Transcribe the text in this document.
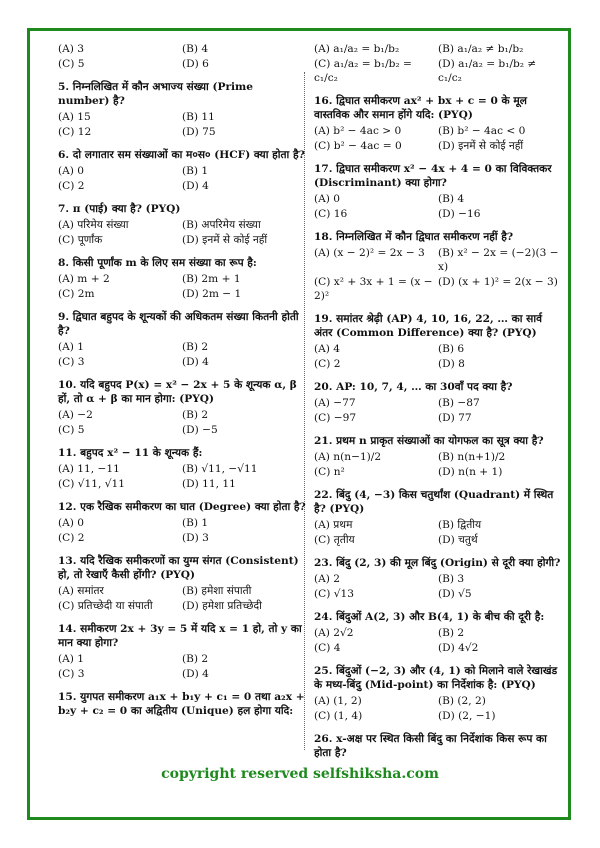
(A) 3	(B) 4
(C) 5	(D) 6
5. निम्नलिखित में कौन अभाज्य संख्या (Prime number) है?
(A) 15	(B) 11
(C) 12	(D) 75
6. दो लगातार सम संख्याओं का म०स० (HCF) क्या होता है?
(A) 0	(B) 1
(C) 2	(D) 4
7. π (पाई) क्या है? (PYQ)
(A) परिमेय संख्या	(B) अपरिमेय संख्या
(C) पूर्णांक	(D) इनमें से कोई नहीं
8. किसी पूर्णांक m के लिए सम संख्या का रूप है:
(A) m + 2	(B) 2m + 1
(C) 2m	(D) 2m − 1
9. द्विघात बहुपद के शून्यकों की अधिकतम संख्या कितनी होती है?
(A) 1	(B) 2
(C) 3	(D) 4
10. यदि बहुपद P(x) = x² − 2x + 5 के शून्यक α, β हों, तो α + β का मान होगा: (PYQ)
(A) −2	(B) 2
(C) 5	(D) −5
11. बहुपद x² − 11 के शून्यक हैं:
(A) 11, −11	(B) √11, −√11
(C) √11, √11	(D) 11, 11
12. एक रैखिक समीकरण का घात (Degree) क्या होता है?
(A) 0	(B) 1
(C) 2	(D) 3
13. यदि रैखिक समीकरणों का युग्म संगत (Consistent) हो, तो रेखाएँ कैसी होंगी? (PYQ)
(A) समांतर	(B) हमेशा संपाती
(C) प्रतिच्छेदी या संपाती	(D) हमेशा प्रतिच्छेदी
14. समीकरण 2x + 3y = 5 में यदि x = 1 हो, तो y का मान क्या होगा?
(A) 1	(B) 2
(C) 3	(D) 4
15. युगपत समीकरण a₁x + b₁y + c₁ = 0 तथा a₂x + b₂y + c₂ = 0 का अद्वितीय (Unique) हल होगा यदि:
(A) a₁/a₂ = b₁/b₂	(B) a₁/a₂ ≠ b₁/b₂
(C) a₁/a₂ = b₁/b₂ = c₁/c₂
(D) a₁/a₂ = b₁/b₂ ≠ c₁/c₂
16. द्विघात समीकरण ax² + bx + c = 0 के मूल वास्तविक और समान होंगे यदि: (PYQ)
(A) b² − 4ac > 0	(B) b² − 4ac < 0
(C) b² − 4ac = 0	(D) इनमें से कोई नहीं
17. द्विघात समीकरण x² − 4x + 4 = 0 का विविक्तकर (Discriminant) क्या होगा?
(A) 0	(B) 4
(C) 16	(D) −16
18. निम्नलिखित में कौन द्विघात समीकरण नहीं है?
(A) (x − 2)² = 2x − 3	(B) x² − 2x = (−2)(3 − x)
(C) x² + 3x + 1 = (x − 2)²
(D) (x + 1)² = 2(x − 3)
19. समांतर श्रेढ़ी (AP) 4, 10, 16, 22, … का सार्व अंतर (Common Difference) क्या है? (PYQ)
(A) 4	(B) 6
(C) 2	(D) 8
20. AP: 10, 7, 4, … का 30वाँ पद क्या है?
(A) −77	(B) −87
(C) −97	(D) 77
21. प्रथम n प्राकृत संख्याओं का योगफल का सूत्र क्या है?
(A) n(n−1)/2	(B) n(n+1)/2
(C) n²	(D) n(n + 1)
22. बिंदु (4, −3) किस चतुर्थांश (Quadrant) में स्थित है? (PYQ)
(A) प्रथम	(B) द्वितीय
(C) तृतीय	(D) चतुर्थ
23. बिंदु (2, 3) की मूल बिंदु (Origin) से दूरी क्या होगी?
(A) 2	(B) 3
(C) √13	(D) √5
24. बिंदुओं A(2, 3) और B(4, 1) के बीच की दूरी है:
(A) 2√2	(B) 2
(C) 4	(D) 4√2
25. बिंदुओं (−2, 3) और (4, 1) को मिलाने वाले रेखाखंड के मध्य-बिंदु (Mid-point) का निर्देशांक है: (PYQ)
(A) (1, 2)	(B) (2, 2)
(C) (1, 4)	(D) (2, −1)
26. x-अक्ष पर स्थित किसी बिंदु का निर्देशांक किस रूप का होता है?
copyright reserved selfshiksha.com
